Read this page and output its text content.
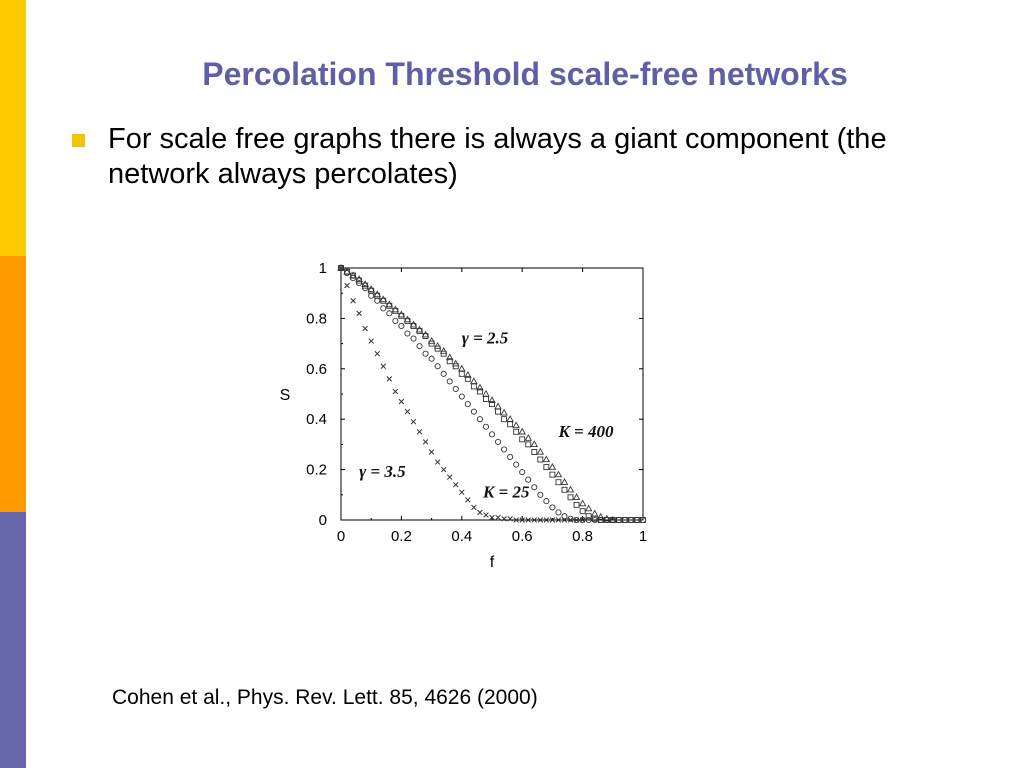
Percolation Threshold scale-free networks
For scale free graphs there is always a giant component (the network always percolates)
0	0.2	0.4	0.6	0.8	1
0
0.2
0.4
0.6
0.8
1
f
S
γ = 2.5
K = 400
γ = 3.5
K = 25
Cohen et al., Phys. Rev. Lett. 85, 4626 (2000)
